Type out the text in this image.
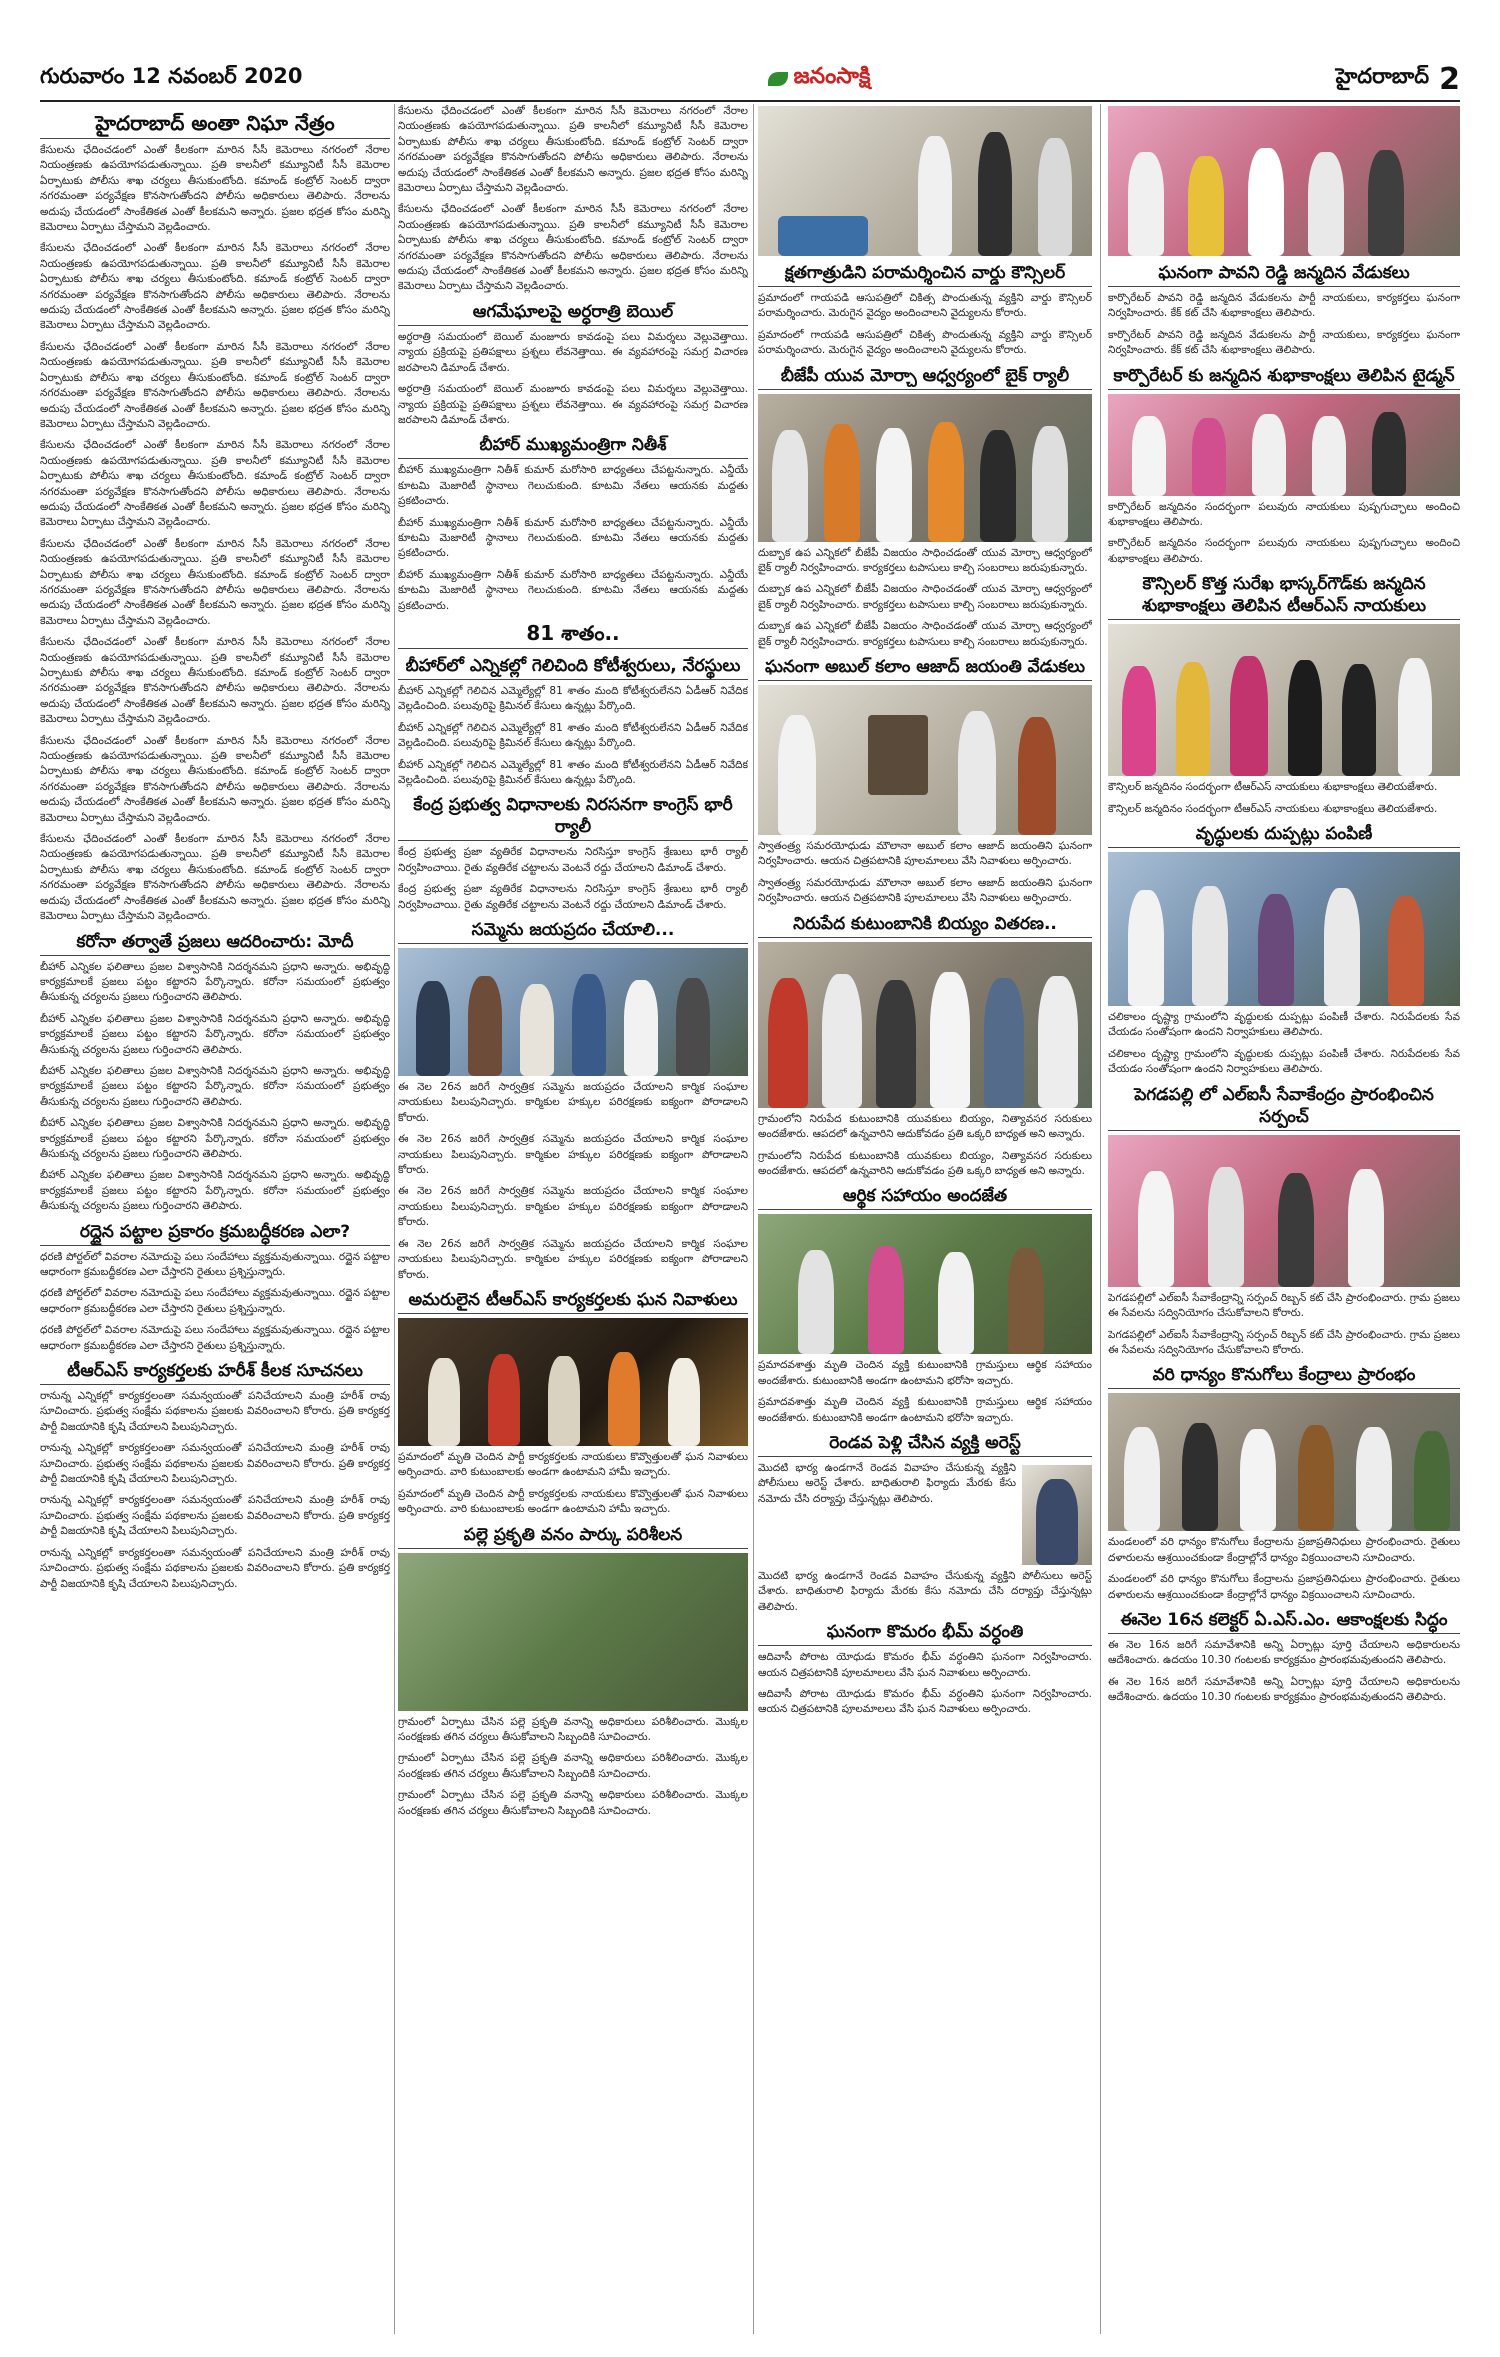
గురువారం 12 నవంబర్ 2020	జనంసాక్షి	హైదరాబాద్ 2
హైదరాబాద్ అంతా నిఘా నేత్రం

కేసులను ఛేదించడంలో ఎంతో కీలకంగా మారిన సీసీ కెమెరాలు నగరంలో నేరాల నియంత్రణకు ఉపయోగపడుతున్నాయి. ప్రతి కాలనీలో కమ్యూనిటీ సీసీ కెమెరాల ఏర్పాటుకు పోలీసు శాఖ చర్యలు తీసుకుంటోంది. కమాండ్ కంట్రోల్ సెంటర్ ద్వారా నగరమంతా పర్యవేక్షణ కొనసాగుతోందని పోలీసు అధికారులు తెలిపారు. నేరాలను అదుపు చేయడంలో సాంకేతికత ఎంతో కీలకమని అన్నారు. ప్రజల భద్రత కోసం మరిన్ని కెమెరాలు ఏర్పాటు చేస్తామని వెల్లడించారు.

కేసులను ఛేదించడంలో ఎంతో కీలకంగా మారిన సీసీ కెమెరాలు నగరంలో నేరాల నియంత్రణకు ఉపయోగపడుతున్నాయి. ప్రతి కాలనీలో కమ్యూనిటీ సీసీ కెమెరాల ఏర్పాటుకు పోలీసు శాఖ చర్యలు తీసుకుంటోంది. కమాండ్ కంట్రోల్ సెంటర్ ద్వారా నగరమంతా పర్యవేక్షణ కొనసాగుతోందని పోలీసు అధికారులు తెలిపారు. నేరాలను అదుపు చేయడంలో సాంకేతికత ఎంతో కీలకమని అన్నారు. ప్రజల భద్రత కోసం మరిన్ని కెమెరాలు ఏర్పాటు చేస్తామని వెల్లడించారు.

కేసులను ఛేదించడంలో ఎంతో కీలకంగా మారిన సీసీ కెమెరాలు నగరంలో నేరాల నియంత్రణకు ఉపయోగపడుతున్నాయి. ప్రతి కాలనీలో కమ్యూనిటీ సీసీ కెమెరాల ఏర్పాటుకు పోలీసు శాఖ చర్యలు తీసుకుంటోంది. కమాండ్ కంట్రోల్ సెంటర్ ద్వారా నగరమంతా పర్యవేక్షణ కొనసాగుతోందని పోలీసు అధికారులు తెలిపారు. నేరాలను అదుపు చేయడంలో సాంకేతికత ఎంతో కీలకమని అన్నారు. ప్రజల భద్రత కోసం మరిన్ని కెమెరాలు ఏర్పాటు చేస్తామని వెల్లడించారు.

కేసులను ఛేదించడంలో ఎంతో కీలకంగా మారిన సీసీ కెమెరాలు నగరంలో నేరాల నియంత్రణకు ఉపయోగపడుతున్నాయి. ప్రతి కాలనీలో కమ్యూనిటీ సీసీ కెమెరాల ఏర్పాటుకు పోలీసు శాఖ చర్యలు తీసుకుంటోంది. కమాండ్ కంట్రోల్ సెంటర్ ద్వారా నగరమంతా పర్యవేక్షణ కొనసాగుతోందని పోలీసు అధికారులు తెలిపారు. నేరాలను అదుపు చేయడంలో సాంకేతికత ఎంతో కీలకమని అన్నారు. ప్రజల భద్రత కోసం మరిన్ని కెమెరాలు ఏర్పాటు చేస్తామని వెల్లడించారు.

కేసులను ఛేదించడంలో ఎంతో కీలకంగా మారిన సీసీ కెమెరాలు నగరంలో నేరాల నియంత్రణకు ఉపయోగపడుతున్నాయి. ప్రతి కాలనీలో కమ్యూనిటీ సీసీ కెమెరాల ఏర్పాటుకు పోలీసు శాఖ చర్యలు తీసుకుంటోంది. కమాండ్ కంట్రోల్ సెంటర్ ద్వారా నగరమంతా పర్యవేక్షణ కొనసాగుతోందని పోలీసు అధికారులు తెలిపారు. నేరాలను అదుపు చేయడంలో సాంకేతికత ఎంతో కీలకమని అన్నారు. ప్రజల భద్రత కోసం మరిన్ని కెమెరాలు ఏర్పాటు చేస్తామని వెల్లడించారు.

కేసులను ఛేదించడంలో ఎంతో కీలకంగా మారిన సీసీ కెమెరాలు నగరంలో నేరాల నియంత్రణకు ఉపయోగపడుతున్నాయి. ప్రతి కాలనీలో కమ్యూనిటీ సీసీ కెమెరాల ఏర్పాటుకు పోలీసు శాఖ చర్యలు తీసుకుంటోంది. కమాండ్ కంట్రోల్ సెంటర్ ద్వారా నగరమంతా పర్యవేక్షణ కొనసాగుతోందని పోలీసు అధికారులు తెలిపారు. నేరాలను అదుపు చేయడంలో సాంకేతికత ఎంతో కీలకమని అన్నారు. ప్రజల భద్రత కోసం మరిన్ని కెమెరాలు ఏర్పాటు చేస్తామని వెల్లడించారు.

కేసులను ఛేదించడంలో ఎంతో కీలకంగా మారిన సీసీ కెమెరాలు నగరంలో నేరాల నియంత్రణకు ఉపయోగపడుతున్నాయి. ప్రతి కాలనీలో కమ్యూనిటీ సీసీ కెమెరాల ఏర్పాటుకు పోలీసు శాఖ చర్యలు తీసుకుంటోంది. కమాండ్ కంట్రోల్ సెంటర్ ద్వారా నగరమంతా పర్యవేక్షణ కొనసాగుతోందని పోలీసు అధికారులు తెలిపారు. నేరాలను అదుపు చేయడంలో సాంకేతికత ఎంతో కీలకమని అన్నారు. ప్రజల భద్రత కోసం మరిన్ని కెమెరాలు ఏర్పాటు చేస్తామని వెల్లడించారు.

కేసులను ఛేదించడంలో ఎంతో కీలకంగా మారిన సీసీ కెమెరాలు నగరంలో నేరాల నియంత్రణకు ఉపయోగపడుతున్నాయి. ప్రతి కాలనీలో కమ్యూనిటీ సీసీ కెమెరాల ఏర్పాటుకు పోలీసు శాఖ చర్యలు తీసుకుంటోంది. కమాండ్ కంట్రోల్ సెంటర్ ద్వారా నగరమంతా పర్యవేక్షణ కొనసాగుతోందని పోలీసు అధికారులు తెలిపారు. నేరాలను అదుపు చేయడంలో సాంకేతికత ఎంతో కీలకమని అన్నారు. ప్రజల భద్రత కోసం మరిన్ని కెమెరాలు ఏర్పాటు చేస్తామని వెల్లడించారు.

కరోనా తర్వాతే ప్రజలు ఆదరించారు: మోదీ

బీహార్ ఎన్నికల ఫలితాలు ప్రజల విశ్వాసానికి నిదర్శనమని ప్రధాని అన్నారు. అభివృద్ధి కార్యక్రమాలకే ప్రజలు పట్టం కట్టారని పేర్కొన్నారు. కరోనా సమయంలో ప్రభుత్వం తీసుకున్న చర్యలను ప్రజలు గుర్తించారని తెలిపారు.

బీహార్ ఎన్నికల ఫలితాలు ప్రజల విశ్వాసానికి నిదర్శనమని ప్రధాని అన్నారు. అభివృద్ధి కార్యక్రమాలకే ప్రజలు పట్టం కట్టారని పేర్కొన్నారు. కరోనా సమయంలో ప్రభుత్వం తీసుకున్న చర్యలను ప్రజలు గుర్తించారని తెలిపారు.

బీహార్ ఎన్నికల ఫలితాలు ప్రజల విశ్వాసానికి నిదర్శనమని ప్రధాని అన్నారు. అభివృద్ధి కార్యక్రమాలకే ప్రజలు పట్టం కట్టారని పేర్కొన్నారు. కరోనా సమయంలో ప్రభుత్వం తీసుకున్న చర్యలను ప్రజలు గుర్తించారని తెలిపారు.

బీహార్ ఎన్నికల ఫలితాలు ప్రజల విశ్వాసానికి నిదర్శనమని ప్రధాని అన్నారు. అభివృద్ధి కార్యక్రమాలకే ప్రజలు పట్టం కట్టారని పేర్కొన్నారు. కరోనా సమయంలో ప్రభుత్వం తీసుకున్న చర్యలను ప్రజలు గుర్తించారని తెలిపారు.

బీహార్ ఎన్నికల ఫలితాలు ప్రజల విశ్వాసానికి నిదర్శనమని ప్రధాని అన్నారు. అభివృద్ధి కార్యక్రమాలకే ప్రజలు పట్టం కట్టారని పేర్కొన్నారు. కరోనా సమయంలో ప్రభుత్వం తీసుకున్న చర్యలను ప్రజలు గుర్తించారని తెలిపారు.

రద్దైన పట్టాల ప్రకారం క్రమబద్ధీకరణ ఎలా?

ధరణి పోర్టల్‌లో వివరాల నమోదుపై పలు సందేహాలు వ్యక్తమవుతున్నాయి. రద్దైన పట్టాల ఆధారంగా క్రమబద్ధీకరణ ఎలా చేస్తారని రైతులు ప్రశ్నిస్తున్నారు.

ధరణి పోర్టల్‌లో వివరాల నమోదుపై పలు సందేహాలు వ్యక్తమవుతున్నాయి. రద్దైన పట్టాల ఆధారంగా క్రమబద్ధీకరణ ఎలా చేస్తారని రైతులు ప్రశ్నిస్తున్నారు.

ధరణి పోర్టల్‌లో వివరాల నమోదుపై పలు సందేహాలు వ్యక్తమవుతున్నాయి. రద్దైన పట్టాల ఆధారంగా క్రమబద్ధీకరణ ఎలా చేస్తారని రైతులు ప్రశ్నిస్తున్నారు.

టీఆర్ఎస్ కార్యకర్తలకు హరీశ్ కీలక సూచనలు

రానున్న ఎన్నికల్లో కార్యకర్తలంతా సమన్వయంతో పనిచేయాలని మంత్రి హరీశ్ రావు సూచించారు. ప్రభుత్వ సంక్షేమ పథకాలను ప్రజలకు వివరించాలని కోరారు. ప్రతి కార్యకర్త పార్టీ విజయానికి కృషి చేయాలని పిలుపునిచ్చారు.

రానున్న ఎన్నికల్లో కార్యకర్తలంతా సమన్వయంతో పనిచేయాలని మంత్రి హరీశ్ రావు సూచించారు. ప్రభుత్వ సంక్షేమ పథకాలను ప్రజలకు వివరించాలని కోరారు. ప్రతి కార్యకర్త పార్టీ విజయానికి కృషి చేయాలని పిలుపునిచ్చారు.

రానున్న ఎన్నికల్లో కార్యకర్తలంతా సమన్వయంతో పనిచేయాలని మంత్రి హరీశ్ రావు సూచించారు. ప్రభుత్వ సంక్షేమ పథకాలను ప్రజలకు వివరించాలని కోరారు. ప్రతి కార్యకర్త పార్టీ విజయానికి కృషి చేయాలని పిలుపునిచ్చారు.

రానున్న ఎన్నికల్లో కార్యకర్తలంతా సమన్వయంతో పనిచేయాలని మంత్రి హరీశ్ రావు సూచించారు. ప్రభుత్వ సంక్షేమ పథకాలను ప్రజలకు వివరించాలని కోరారు. ప్రతి కార్యకర్త పార్టీ విజయానికి కృషి చేయాలని పిలుపునిచ్చారు.

కేసులను ఛేదించడంలో ఎంతో కీలకంగా మారిన సీసీ కెమెరాలు నగరంలో నేరాల నియంత్రణకు ఉపయోగపడుతున్నాయి. ప్రతి కాలనీలో కమ్యూనిటీ సీసీ కెమెరాల ఏర్పాటుకు పోలీసు శాఖ చర్యలు తీసుకుంటోంది. కమాండ్ కంట్రోల్ సెంటర్ ద్వారా నగరమంతా పర్యవేక్షణ కొనసాగుతోందని పోలీసు అధికారులు తెలిపారు. నేరాలను అదుపు చేయడంలో సాంకేతికత ఎంతో కీలకమని అన్నారు. ప్రజల భద్రత కోసం మరిన్ని కెమెరాలు ఏర్పాటు చేస్తామని వెల్లడించారు.

కేసులను ఛేదించడంలో ఎంతో కీలకంగా మారిన సీసీ కెమెరాలు నగరంలో నేరాల నియంత్రణకు ఉపయోగపడుతున్నాయి. ప్రతి కాలనీలో కమ్యూనిటీ సీసీ కెమెరాల ఏర్పాటుకు పోలీసు శాఖ చర్యలు తీసుకుంటోంది. కమాండ్ కంట్రోల్ సెంటర్ ద్వారా నగరమంతా పర్యవేక్షణ కొనసాగుతోందని పోలీసు అధికారులు తెలిపారు. నేరాలను అదుపు చేయడంలో సాంకేతికత ఎంతో కీలకమని అన్నారు. ప్రజల భద్రత కోసం మరిన్ని కెమెరాలు ఏర్పాటు చేస్తామని వెల్లడించారు.

ఆగమేఘాలపై అర్ధరాత్రి బెయిల్

అర్ధరాత్రి సమయంలో బెయిల్ మంజూరు కావడంపై పలు విమర్శలు వెల్లువెత్తాయి. న్యాయ ప్రక్రియపై ప్రతిపక్షాలు ప్రశ్నలు లేవనెత్తాయి. ఈ వ్యవహారంపై సమగ్ర విచారణ జరపాలని డిమాండ్ చేశారు.

అర్ధరాత్రి సమయంలో బెయిల్ మంజూరు కావడంపై పలు విమర్శలు వెల్లువెత్తాయి. న్యాయ ప్రక్రియపై ప్రతిపక్షాలు ప్రశ్నలు లేవనెత్తాయి. ఈ వ్యవహారంపై సమగ్ర విచారణ జరపాలని డిమాండ్ చేశారు.

బీహార్ ముఖ్యమంత్రిగా నితీశ్

బీహార్ ముఖ్యమంత్రిగా నితీశ్ కుమార్ మరోసారి బాధ్యతలు చేపట్టనున్నారు. ఎన్డీయే కూటమి మెజారిటీ స్థానాలు గెలుచుకుంది. కూటమి నేతలు ఆయనకు మద్దతు ప్రకటించారు.

బీహార్ ముఖ్యమంత్రిగా నితీశ్ కుమార్ మరోసారి బాధ్యతలు చేపట్టనున్నారు. ఎన్డీయే కూటమి మెజారిటీ స్థానాలు గెలుచుకుంది. కూటమి నేతలు ఆయనకు మద్దతు ప్రకటించారు.

బీహార్ ముఖ్యమంత్రిగా నితీశ్ కుమార్ మరోసారి బాధ్యతలు చేపట్టనున్నారు. ఎన్డీయే కూటమి మెజారిటీ స్థానాలు గెలుచుకుంది. కూటమి నేతలు ఆయనకు మద్దతు ప్రకటించారు.

81 శాతం..
బీహార్‌లో ఎన్నికల్లో గెలిచింది కోటీశ్వరులు, నేరస్థులు

బీహార్ ఎన్నికల్లో గెలిచిన ఎమ్మెల్యేల్లో 81 శాతం మంది కోటీశ్వరులేనని ఏడీఆర్ నివేదిక వెల్లడించింది. పలువురిపై క్రిమినల్ కేసులు ఉన్నట్లు పేర్కొంది.

బీహార్ ఎన్నికల్లో గెలిచిన ఎమ్మెల్యేల్లో 81 శాతం మంది కోటీశ్వరులేనని ఏడీఆర్ నివేదిక వెల్లడించింది. పలువురిపై క్రిమినల్ కేసులు ఉన్నట్లు పేర్కొంది.

బీహార్ ఎన్నికల్లో గెలిచిన ఎమ్మెల్యేల్లో 81 శాతం మంది కోటీశ్వరులేనని ఏడీఆర్ నివేదిక వెల్లడించింది. పలువురిపై క్రిమినల్ కేసులు ఉన్నట్లు పేర్కొంది.

కేంద్ర ప్రభుత్వ విధానాలకు నిరసనగా కాంగ్రెస్ భారీ ర్యాలీ

కేంద్ర ప్రభుత్వ ప్రజా వ్యతిరేక విధానాలను నిరసిస్తూ కాంగ్రెస్ శ్రేణులు భారీ ర్యాలీ నిర్వహించాయి. రైతు వ్యతిరేక చట్టాలను వెంటనే రద్దు చేయాలని డిమాండ్ చేశారు.

కేంద్ర ప్రభుత్వ ప్రజా వ్యతిరేక విధానాలను నిరసిస్తూ కాంగ్రెస్ శ్రేణులు భారీ ర్యాలీ నిర్వహించాయి. రైతు వ్యతిరేక చట్టాలను వెంటనే రద్దు చేయాలని డిమాండ్ చేశారు.

సమ్మెను జయప్రదం చేయాలి...

ఈ నెల 26న జరిగే సార్వత్రిక సమ్మెను జయప్రదం చేయాలని కార్మిక సంఘాల నాయకులు పిలుపునిచ్చారు. కార్మికుల హక్కుల పరిరక్షణకు ఐక్యంగా పోరాడాలని కోరారు.

ఈ నెల 26న జరిగే సార్వత్రిక సమ్మెను జయప్రదం చేయాలని కార్మిక సంఘాల నాయకులు పిలుపునిచ్చారు. కార్మికుల హక్కుల పరిరక్షణకు ఐక్యంగా పోరాడాలని కోరారు.

ఈ నెల 26న జరిగే సార్వత్రిక సమ్మెను జయప్రదం చేయాలని కార్మిక సంఘాల నాయకులు పిలుపునిచ్చారు. కార్మికుల హక్కుల పరిరక్షణకు ఐక్యంగా పోరాడాలని కోరారు.

ఈ నెల 26న జరిగే సార్వత్రిక సమ్మెను జయప్రదం చేయాలని కార్మిక సంఘాల నాయకులు పిలుపునిచ్చారు. కార్మికుల హక్కుల పరిరక్షణకు ఐక్యంగా పోరాడాలని కోరారు.

అమరులైన టీఆర్ఎస్ కార్యకర్తలకు ఘన నివాళులు

ప్రమాదంలో మృతి చెందిన పార్టీ కార్యకర్తలకు నాయకులు కొవ్వొత్తులతో ఘన నివాళులు అర్పించారు. వారి కుటుంబాలకు అండగా ఉంటామని హామీ ఇచ్చారు.

ప్రమాదంలో మృతి చెందిన పార్టీ కార్యకర్తలకు నాయకులు కొవ్వొత్తులతో ఘన నివాళులు అర్పించారు. వారి కుటుంబాలకు అండగా ఉంటామని హామీ ఇచ్చారు.

పల్లె ప్రకృతి వనం పార్కు పరిశీలన

గ్రామంలో ఏర్పాటు చేసిన పల్లె ప్రకృతి వనాన్ని అధికారులు పరిశీలించారు. మొక్కల సంరక్షణకు తగిన చర్యలు తీసుకోవాలని సిబ్బందికి సూచించారు.

గ్రామంలో ఏర్పాటు చేసిన పల్లె ప్రకృతి వనాన్ని అధికారులు పరిశీలించారు. మొక్కల సంరక్షణకు తగిన చర్యలు తీసుకోవాలని సిబ్బందికి సూచించారు.

గ్రామంలో ఏర్పాటు చేసిన పల్లె ప్రకృతి వనాన్ని అధికారులు పరిశీలించారు. మొక్కల సంరక్షణకు తగిన చర్యలు తీసుకోవాలని సిబ్బందికి సూచించారు.

క్షతగాత్రుడిని పరామర్శించిన వార్డు కౌన్సిలర్

ప్రమాదంలో గాయపడి ఆసుపత్రిలో చికిత్స పొందుతున్న వ్యక్తిని వార్డు కౌన్సిలర్ పరామర్శించారు. మెరుగైన వైద్యం అందించాలని వైద్యులను కోరారు.

ప్రమాదంలో గాయపడి ఆసుపత్రిలో చికిత్స పొందుతున్న వ్యక్తిని వార్డు కౌన్సిలర్ పరామర్శించారు. మెరుగైన వైద్యం అందించాలని వైద్యులను కోరారు.

బీజేపీ యువ మోర్చా ఆధ్వర్యంలో బైక్ ర్యాలీ

దుబ్బాక ఉప ఎన్నికలో బీజేపీ విజయం సాధించడంతో యువ మోర్చా ఆధ్వర్యంలో బైక్ ర్యాలీ నిర్వహించారు. కార్యకర్తలు టపాసులు కాల్చి సంబరాలు జరుపుకున్నారు.

దుబ్బాక ఉప ఎన్నికలో బీజేపీ విజయం సాధించడంతో యువ మోర్చా ఆధ్వర్యంలో బైక్ ర్యాలీ నిర్వహించారు. కార్యకర్తలు టపాసులు కాల్చి సంబరాలు జరుపుకున్నారు.

దుబ్బాక ఉప ఎన్నికలో బీజేపీ విజయం సాధించడంతో యువ మోర్చా ఆధ్వర్యంలో బైక్ ర్యాలీ నిర్వహించారు. కార్యకర్తలు టపాసులు కాల్చి సంబరాలు జరుపుకున్నారు.

ఘనంగా అబుల్ కలాం ఆజాద్ జయంతి వేడుకలు

స్వాతంత్ర్య సమరయోధుడు మౌలానా అబుల్ కలాం ఆజాద్ జయంతిని ఘనంగా నిర్వహించారు. ఆయన చిత్రపటానికి పూలమాలలు వేసి నివాళులు అర్పించారు.

స్వాతంత్ర్య సమరయోధుడు మౌలానా అబుల్ కలాం ఆజాద్ జయంతిని ఘనంగా నిర్వహించారు. ఆయన చిత్రపటానికి పూలమాలలు వేసి నివాళులు అర్పించారు.

నిరుపేద కుటుంబానికి బియ్యం వితరణ..

గ్రామంలోని నిరుపేద కుటుంబానికి యువకులు బియ్యం, నిత్యావసర సరుకులు అందజేశారు. ఆపదలో ఉన్నవారిని ఆదుకోవడం ప్రతి ఒక్కరి బాధ్యత అని అన్నారు.

గ్రామంలోని నిరుపేద కుటుంబానికి యువకులు బియ్యం, నిత్యావసర సరుకులు అందజేశారు. ఆపదలో ఉన్నవారిని ఆదుకోవడం ప్రతి ఒక్కరి బాధ్యత అని అన్నారు.

ఆర్థిక సహాయం అందజేత

ప్రమాదవశాత్తు మృతి చెందిన వ్యక్తి కుటుంబానికి గ్రామస్తులు ఆర్థిక సహాయం అందజేశారు. కుటుంబానికి అండగా ఉంటామని భరోసా ఇచ్చారు.

ప్రమాదవశాత్తు మృతి చెందిన వ్యక్తి కుటుంబానికి గ్రామస్తులు ఆర్థిక సహాయం అందజేశారు. కుటుంబానికి అండగా ఉంటామని భరోసా ఇచ్చారు.

రెండవ పెళ్లి చేసిన వ్యక్తి అరెస్ట్

మొదటి భార్య ఉండగానే రెండవ వివాహం చేసుకున్న వ్యక్తిని పోలీసులు అరెస్ట్ చేశారు. బాధితురాలి ఫిర్యాదు మేరకు కేసు నమోదు చేసి దర్యాప్తు చేస్తున్నట్లు తెలిపారు.

మొదటి భార్య ఉండగానే రెండవ వివాహం చేసుకున్న వ్యక్తిని పోలీసులు అరెస్ట్ చేశారు. బాధితురాలి ఫిర్యాదు మేరకు కేసు నమోదు చేసి దర్యాప్తు చేస్తున్నట్లు తెలిపారు.

ఘనంగా కొమరం భీమ్ వర్ధంతి

ఆదివాసీ పోరాట యోధుడు కొమరం భీమ్ వర్ధంతిని ఘనంగా నిర్వహించారు. ఆయన చిత్రపటానికి పూలమాలలు వేసి ఘన నివాళులు అర్పించారు.

ఆదివాసీ పోరాట యోధుడు కొమరం భీమ్ వర్ధంతిని ఘనంగా నిర్వహించారు. ఆయన చిత్రపటానికి పూలమాలలు వేసి ఘన నివాళులు అర్పించారు.

ఘనంగా పావని రెడ్డి జన్మదిన వేడుకలు

కార్పొరేటర్ పావని రెడ్డి జన్మదిన వేడుకలను పార్టీ నాయకులు, కార్యకర్తలు ఘనంగా నిర్వహించారు. కేక్ కట్ చేసి శుభాకాంక్షలు తెలిపారు.

కార్పొరేటర్ పావని రెడ్డి జన్మదిన వేడుకలను పార్టీ నాయకులు, కార్యకర్తలు ఘనంగా నిర్వహించారు. కేక్ కట్ చేసి శుభాకాంక్షలు తెలిపారు.

కార్పొరేటర్ కు జన్మదిన శుభాకాంక్షలు తెలిపిన టైడ్మన్

కార్పొరేటర్ జన్మదినం సందర్భంగా పలువురు నాయకులు పుష్పగుచ్ఛాలు అందించి శుభాకాంక్షలు తెలిపారు.

కార్పొరేటర్ జన్మదినం సందర్భంగా పలువురు నాయకులు పుష్పగుచ్ఛాలు అందించి శుభాకాంక్షలు తెలిపారు.

కౌన్సిలర్ కొత్త సురేఖ భాస్కర్‌గౌడ్‌కు జన్మదిన శుభాకాంక్షలు తెలిపిన టీఆర్ఎస్ నాయకులు

కౌన్సిలర్ జన్మదినం సందర్భంగా టీఆర్ఎస్ నాయకులు శుభాకాంక్షలు తెలియజేశారు.

కౌన్సిలర్ జన్మదినం సందర్భంగా టీఆర్ఎస్ నాయకులు శుభాకాంక్షలు తెలియజేశారు.

వృద్ధులకు దుప్పట్లు పంపిణీ

చలికాలం దృష్ట్యా గ్రామంలోని వృద్ధులకు దుప్పట్లు పంపిణీ చేశారు. నిరుపేదలకు సేవ చేయడం సంతోషంగా ఉందని నిర్వాహకులు తెలిపారు.

చలికాలం దృష్ట్యా గ్రామంలోని వృద్ధులకు దుప్పట్లు పంపిణీ చేశారు. నిరుపేదలకు సేవ చేయడం సంతోషంగా ఉందని నిర్వాహకులు తెలిపారు.

పెగడపల్లి లో ఎల్ఐసీ సేవాకేంద్రం ప్రారంభించిన సర్పంచ్

పెగడపల్లిలో ఎల్ఐసీ సేవాకేంద్రాన్ని సర్పంచ్ రిబ్బన్ కట్ చేసి ప్రారంభించారు. గ్రామ ప్రజలు ఈ సేవలను సద్వినియోగం చేసుకోవాలని కోరారు.

పెగడపల్లిలో ఎల్ఐసీ సేవాకేంద్రాన్ని సర్పంచ్ రిబ్బన్ కట్ చేసి ప్రారంభించారు. గ్రామ ప్రజలు ఈ సేవలను సద్వినియోగం చేసుకోవాలని కోరారు.

వరి ధాన్యం కొనుగోలు కేంద్రాలు ప్రారంభం

మండలంలో వరి ధాన్యం కొనుగోలు కేంద్రాలను ప్రజాప్రతినిధులు ప్రారంభించారు. రైతులు దళారులను ఆశ్రయించకుండా కేంద్రాల్లోనే ధాన్యం విక్రయించాలని సూచించారు.

మండలంలో వరి ధాన్యం కొనుగోలు కేంద్రాలను ప్రజాప్రతినిధులు ప్రారంభించారు. రైతులు దళారులను ఆశ్రయించకుండా కేంద్రాల్లోనే ధాన్యం విక్రయించాలని సూచించారు.

ఈనెల 16న కలెక్టర్ ఏ.ఎస్.ఎం. ఆకాంక్షలకు సిద్ధం

ఈ నెల 16న జరిగే సమావేశానికి అన్ని ఏర్పాట్లు పూర్తి చేయాలని అధికారులను ఆదేశించారు. ఉదయం 10.30 గంటలకు కార్యక్రమం ప్రారంభమవుతుందని తెలిపారు.

ఈ నెల 16న జరిగే సమావేశానికి అన్ని ఏర్పాట్లు పూర్తి చేయాలని అధికారులను ఆదేశించారు. ఉదయం 10.30 గంటలకు కార్యక్రమం ప్రారంభమవుతుందని తెలిపారు.
